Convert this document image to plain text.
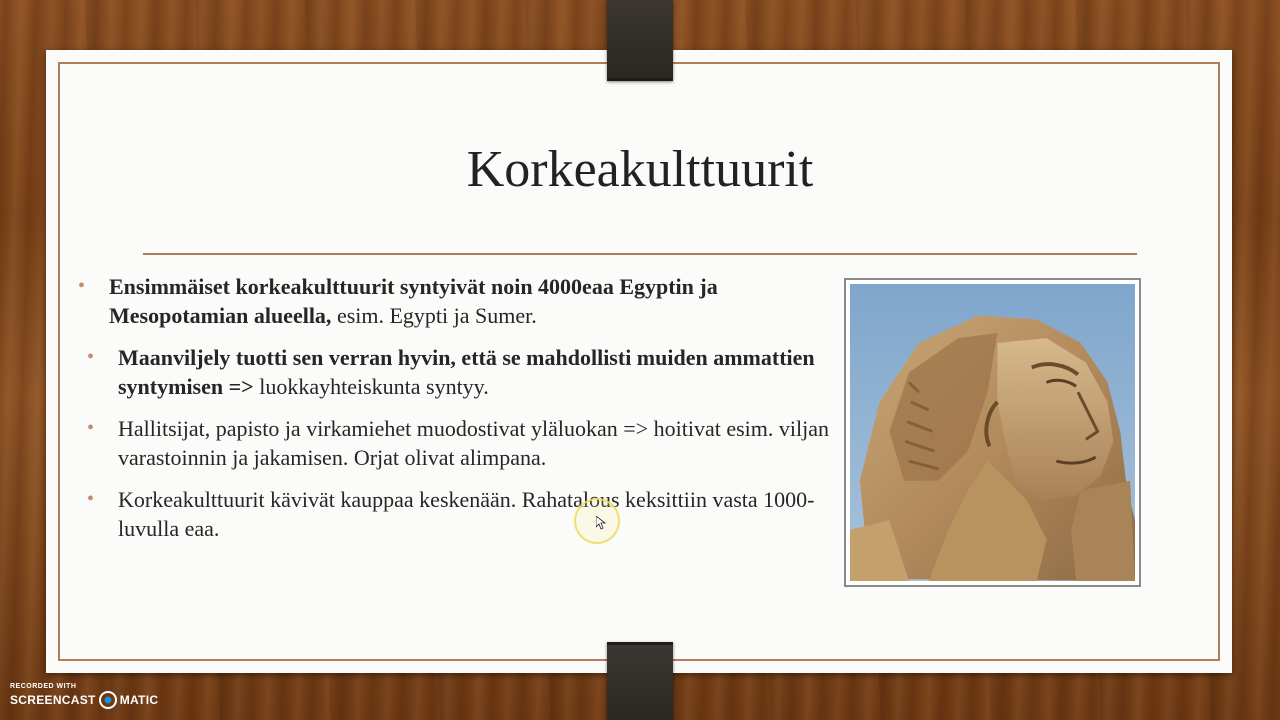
Korkeakulttuurit
• Ensimmäiset korkeakulttuurit syntyivät noin 4000eaa Egyptin ja Mesopotamian alueella, esim. Egypti ja Sumer.
• Maanviljely tuotti sen verran hyvin, että se mahdollisti muiden ammattien syntymisen => luokkayhteiskunta syntyy.
• Hallitsijat, papisto ja virkamiehet muodostivat yläluokan => hoitivat esim. viljan varastoinnin ja jakamisen. Orjat olivat alimpana.
• Korkeakulttuurit kävivät kauppaa keskenään. Rahatalous keksittiin vasta 1000-luvulla eaa.
RECORDED WITH
SCREENCAST MATIC
